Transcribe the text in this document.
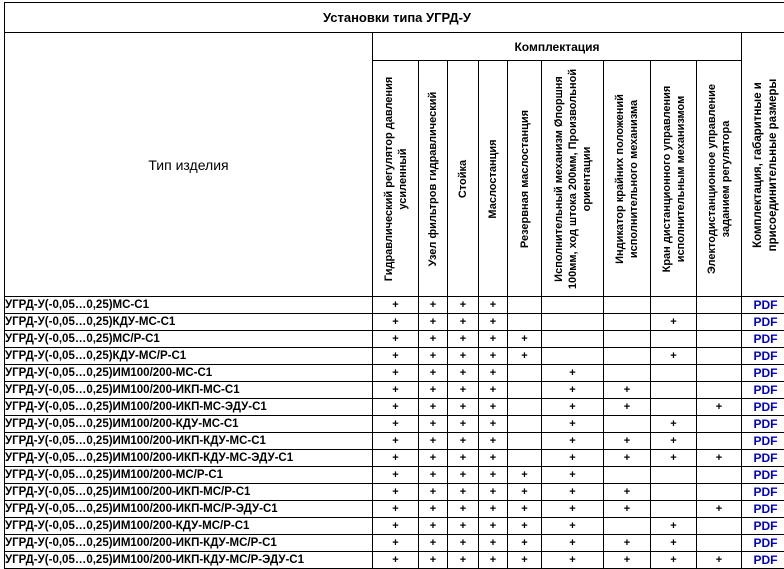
Установки типа УГРД-У										
Тип изделия	Комплектация									Комплектация, габаритные и присоединительные размеры

	Гидравлический регулятор давления усиленный	Узел фильтров гидравлический	Стойка	Маслостанция	Резервная маслостанция	Исполнительный механизм Øпоршня 100мм, ход штока 200мм, Произвольной ориентации	Индикатор крайних положений исполнительного механизма	Кран дистанционного управления исполнительным механизмом	Электодистанционное управление заданием регулятора	

УГРД-У(-0,05…0,25)МС-С1	+	+	+	+						PDF
УГРД-У(-0,05…0,25)КДУ-МС-С1	+	+	+	+				+		PDF
УГРД-У(-0,05…0,25)МС/Р-С1	+	+	+	+	+					PDF
УГРД-У(-0,05…0,25)КДУ-МС/Р-С1	+	+	+	+	+			+		PDF
УГРД-У(-0,05…0,25)ИМ100/200-МС-С1	+	+	+	+		+				PDF
УГРД-У(-0,05…0,25)ИМ100/200-ИКП-МС-С1	+	+	+	+		+	+			PDF
УГРД-У(-0,05…0,25)ИМ100/200-ИКП-МС-ЭДУ-С1	+	+	+	+		+	+		+	PDF
УГРД-У(-0,05…0,25)ИМ100/200-КДУ-МС-С1	+	+	+	+		+		+		PDF
УГРД-У(-0,05…0,25)ИМ100/200-ИКП-КДУ-МС-С1	+	+	+	+		+	+	+		PDF
УГРД-У(-0,05…0,25)ИМ100/200-ИКП-КДУ-МС-ЭДУ-С1	+	+	+	+		+	+	+	+	PDF
УГРД-У(-0,05…0,25)ИМ100/200-МС/Р-С1	+	+	+	+	+	+				PDF
УГРД-У(-0,05…0,25)ИМ100/200-ИКП-МС/Р-С1	+	+	+	+	+	+	+			PDF
УГРД-У(-0,05…0,25)ИМ100/200-ИКП-МС/Р-ЭДУ-С1	+	+	+	+	+	+	+		+	PDF
УГРД-У(-0,05…0,25)ИМ100/200-КДУ-МС/Р-С1	+	+	+	+	+	+		+		PDF
УГРД-У(-0,05…0,25)ИМ100/200-ИКП-КДУ-МС/Р-С1	+	+	+	+	+	+	+	+		PDF
УГРД-У(-0,05…0,25)ИМ100/200-ИКП-КДУ-МС/Р-ЭДУ-С1	+	+	+	+	+	+	+	+	+	PDF
